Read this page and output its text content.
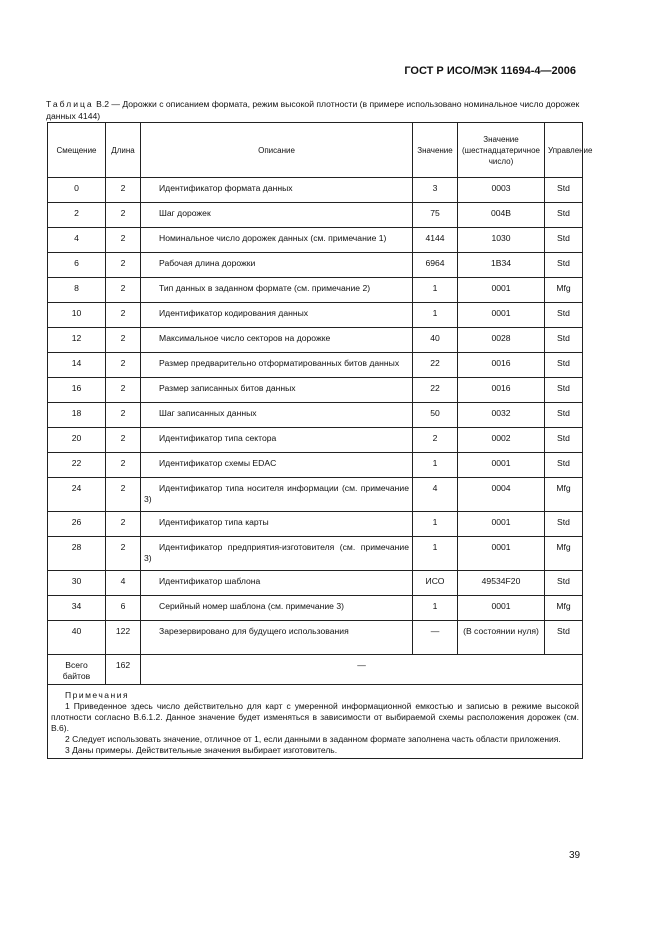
ГОСТ Р ИСО/МЭК 11694-4—2006
Таблица В.2 — Дорожки с описанием формата, режим высокой плотности (в примере использовано номинальное число дорожек данных 4144)
Смещение	Длина	Описание	Значение	Значение (шестнадцатеричное число)	Управление
0	2	Идентификатор формата данных	3	0003	Std
2	2	Шаг дорожек	75	004B	Std
4	2	Номинальное число дорожек данных (см. примечание 1)	4144	1030	Std
6	2	Рабочая длина дорожки	6964	1B34	Std
8	2	Тип данных в заданном формате (см. примечание 2)	1	0001	Mfg
10	2	Идентификатор кодирования данных	1	0001	Std
12	2	Максимальное число секторов на дорожке	40	0028	Std
14	2	Размер предварительно отформатированных битов данных	22	0016	Std
16	2	Размер записанных битов данных	22	0016	Std
18	2	Шаг записанных данных	50	0032	Std
20	2	Идентификатор типа сектора	2	0002	Std
22	2	Идентификатор схемы EDAC	1	0001	Std
24	2	Идентификатор типа носителя информации (см. примечание 3)	4	0004	Mfg
26	2	Идентификатор типа карты	1	0001	Std
28	2	Идентификатор предприятия-изготовителя (см. примечание 3)	1	0001	Mfg
30	4	Идентификатор шаблона	ИСО	49534F20	Std
34	6	Серийный номер шаблона (см. примечание 3)	1	0001	Mfg
40	122	Зарезервировано для будущего использования	—	(В состоянии нуля)	Std
Всего байтов	162	—			

Примечания

1 Приведенное здесь число действительно для карт с умеренной информационной емкостью и записью в режиме высокой плотности согласно В.6.1.2. Данное значение будет изменяться в зависимости от выбираемой схемы расположения дорожек (см. В.6).

2 Следует использовать значение, отличное от 1, если данными в заданном формате заполнена часть области приложения.

3 Даны примеры. Действительные значения выбирает изготовитель.					

39
